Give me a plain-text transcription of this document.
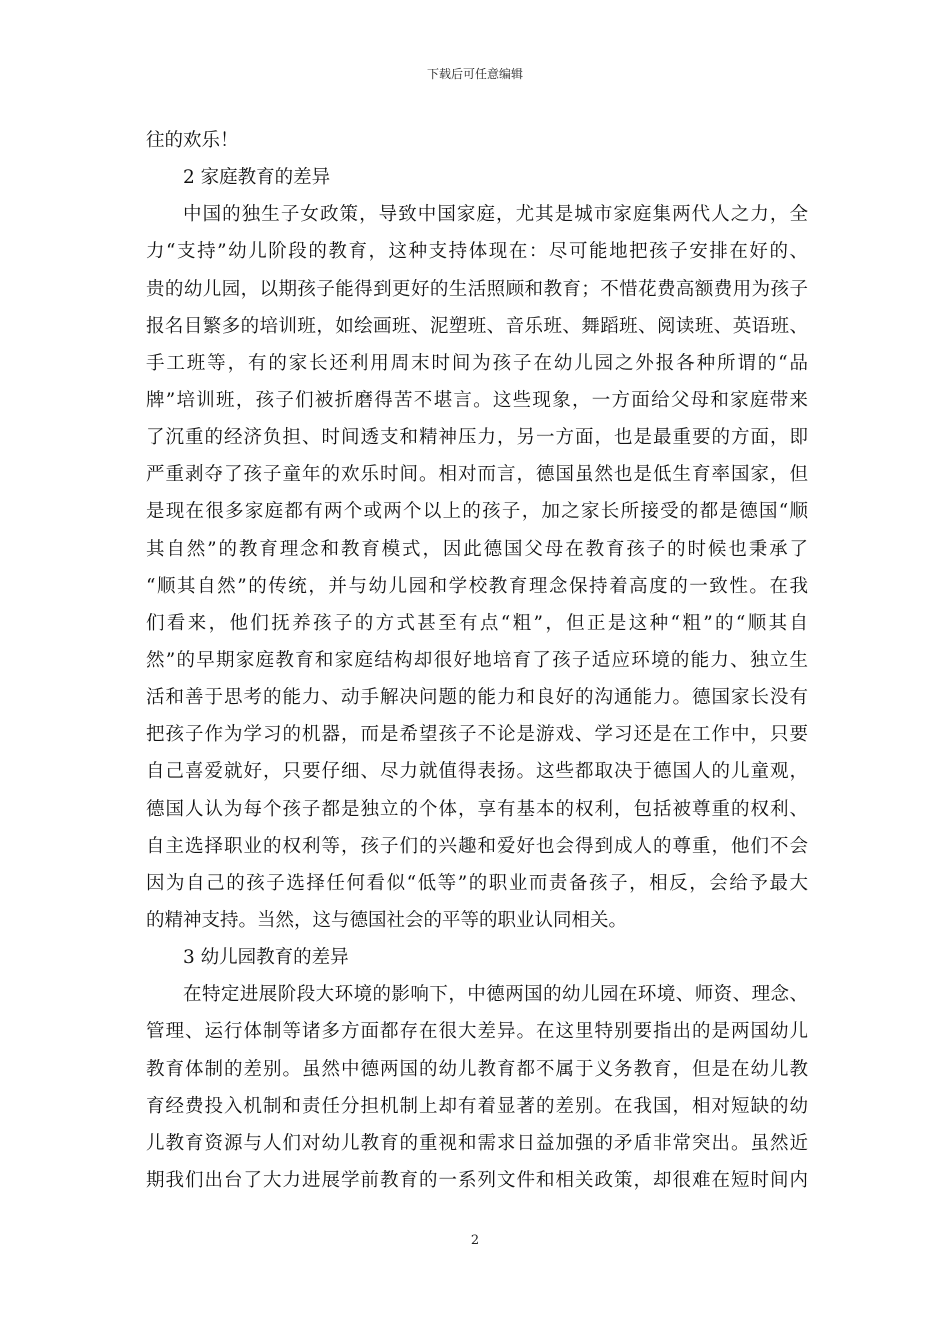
下载后可任意编辑
往的欢乐！
2 家庭教育的差异
中国的独生子女政策，导致中国家庭，尤其是城市家庭集两代人之力，全
力“支持”幼儿阶段的教育，这种支持体现在：尽可能地把孩子安排在好的、
贵的幼儿园，以期孩子能得到更好的生活照顾和教育；不惜花费高额费用为孩子
报名目繁多的培训班，如绘画班、泥塑班、音乐班、舞蹈班、阅读班、英语班、
手工班等，有的家长还利用周末时间为孩子在幼儿园之外报各种所谓的“品
牌”培训班，孩子们被折磨得苦不堪言。这些现象，一方面给父母和家庭带来
了沉重的经济负担、时间透支和精神压力，另一方面，也是最重要的方面，即
严重剥夺了孩子童年的欢乐时间。相对而言，德国虽然也是低生育率国家，但
是现在很多家庭都有两个或两个以上的孩子，加之家长所接受的都是德国“顺
其自然”的教育理念和教育模式，因此德国父母在教育孩子的时候也秉承了
“顺其自然”的传统，并与幼儿园和学校教育理念保持着高度的一致性。在我
们看来，他们抚养孩子的方式甚至有点“粗”，但正是这种“粗”的“顺其自
然”的早期家庭教育和家庭结构却很好地培育了孩子适应环境的能力、独立生
活和善于思考的能力、动手解决问题的能力和良好的沟通能力。德国家长没有
把孩子作为学习的机器，而是希望孩子不论是游戏、学习还是在工作中，只要
自己喜爱就好，只要仔细、尽力就值得表扬。这些都取决于德国人的儿童观，
德国人认为每个孩子都是独立的个体，享有基本的权利，包括被尊重的权利、
自主选择职业的权利等，孩子们的兴趣和爱好也会得到成人的尊重，他们不会
因为自己的孩子选择任何看似“低等”的职业而责备孩子，相反，会给予最大
的精神支持。当然，这与德国社会的平等的职业认同相关。
3 幼儿园教育的差异
在特定进展阶段大环境的影响下，中德两国的幼儿园在环境、师资、理念、
管理、运行体制等诸多方面都存在很大差异。在这里特别要指出的是两国幼儿
教育体制的差别。虽然中德两国的幼儿教育都不属于义务教育，但是在幼儿教
育经费投入机制和责任分担机制上却有着显著的差别。在我国，相对短缺的幼
儿教育资源与人们对幼儿教育的重视和需求日益加强的矛盾非常突出。虽然近
期我们出台了大力进展学前教育的一系列文件和相关政策，却很难在短时间内
2
